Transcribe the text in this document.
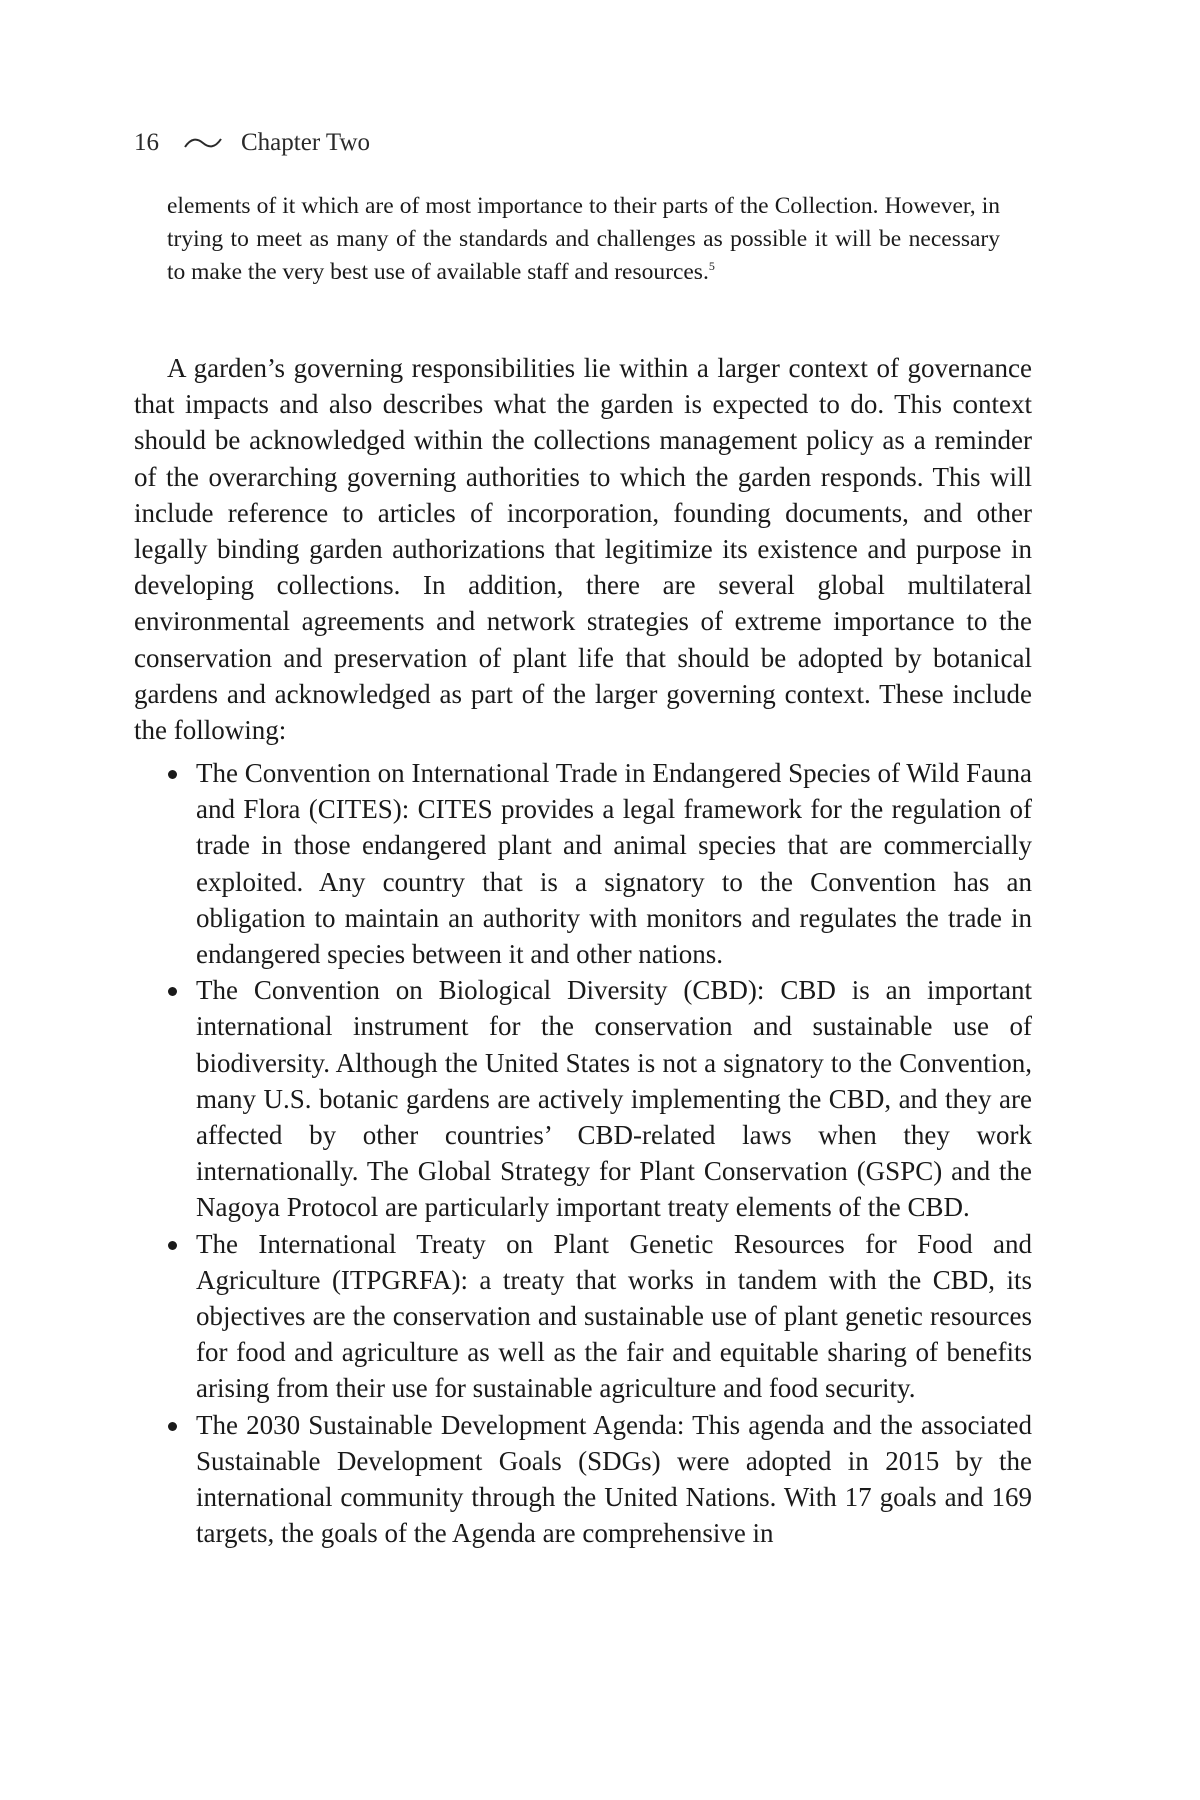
16	Chapter Two
elements of it which are of most importance to their parts of the Collection. However, in trying to meet as many of the standards and challenges as possible it will be necessary to make the very best use of available staff and resources.$^5$

A garden’s governing responsibilities lie within a larger context of governance that impacts and also describes what the garden is expected to do. This context should be acknowledged within the collections management policy as a reminder of the overarching governing authorities to which the garden responds. This will include reference to articles of incorporation, founding documents, and other legally binding garden authorizations that legitimize its existence and purpose in developing collections. In addition, there are several global multilateral environmental agreements and network strategies of extreme importance to the conservation and preservation of plant life that should be adopted by botanical gardens and acknowledged as part of the larger governing context. These include the following:

The Convention on International Trade in Endangered Species of Wild Fauna and Flora (CITES): CITES provides a legal framework for the regulation of trade in those endangered plant and animal species that are commercially exploited. Any country that is a signatory to the Convention has an obligation to maintain an authority with monitors and regulates the trade in endangered species between it and other nations.
The Convention on Biological Diversity (CBD): CBD is an important international instrument for the conservation and sustainable use of biodiversity. Although the United States is not a signatory to the Convention, many U.S. botanic gardens are actively implementing the CBD, and they are affected by other countries’ CBD-related laws when they work internationally. The Global Strategy for Plant Conservation (GSPC) and the Nagoya Protocol are particularly important treaty elements of the CBD.
The International Treaty on Plant Genetic Resources for Food and Agriculture (ITPGRFA): a treaty that works in tandem with the CBD, its objectives are the conservation and sustainable use of plant genetic resources for food and agriculture as well as the fair and equitable sharing of benefits arising from their use for sustainable agriculture and food security.
The 2030 Sustainable Development Agenda: This agenda and the associated Sustainable Development Goals (SDGs) were adopted in 2015 by the international community through the United Nations. With 17 goals and 169 targets, the goals of the Agenda are comprehensive in
